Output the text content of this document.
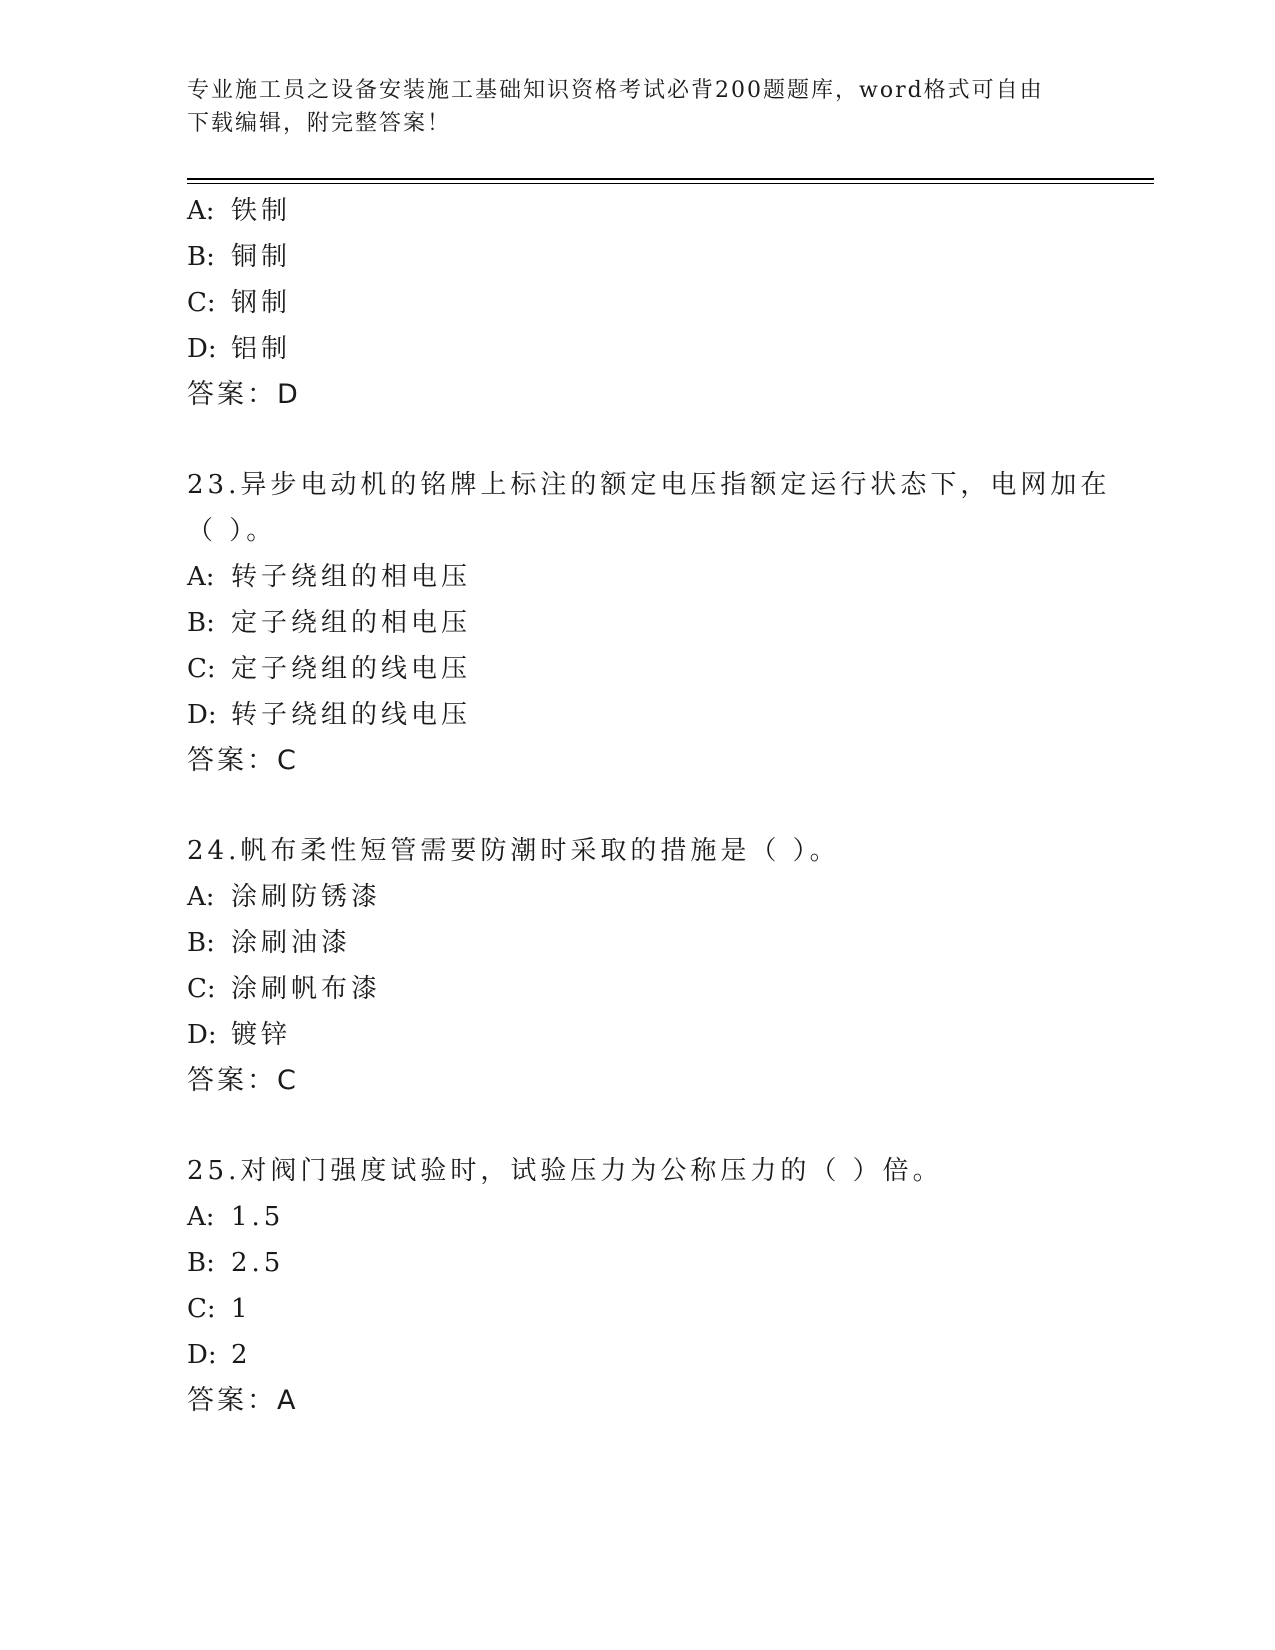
专业施工员之设备安装施工基础知识资格考试必背200题题库，word格式可自由
下载编辑，附完整答案！
A: 铁制
B: 铜制
C: 钢制
D: 铝制
答案：D
23.异步电动机的铭牌上标注的额定电压指额定运行状态下，电网加在
（ ）。
A: 转子绕组的相电压
B: 定子绕组的相电压
C: 定子绕组的线电压
D: 转子绕组的线电压
答案：C
24.帆布柔性短管需要防潮时采取的措施是（ ）。
A: 涂刷防锈漆
B: 涂刷油漆
C: 涂刷帆布漆
D: 镀锌
答案：C
25.对阀门强度试验时，试验压力为公称压力的（ ）倍。
A: 1.5
B: 2.5
C: 1
D: 2
答案：A
